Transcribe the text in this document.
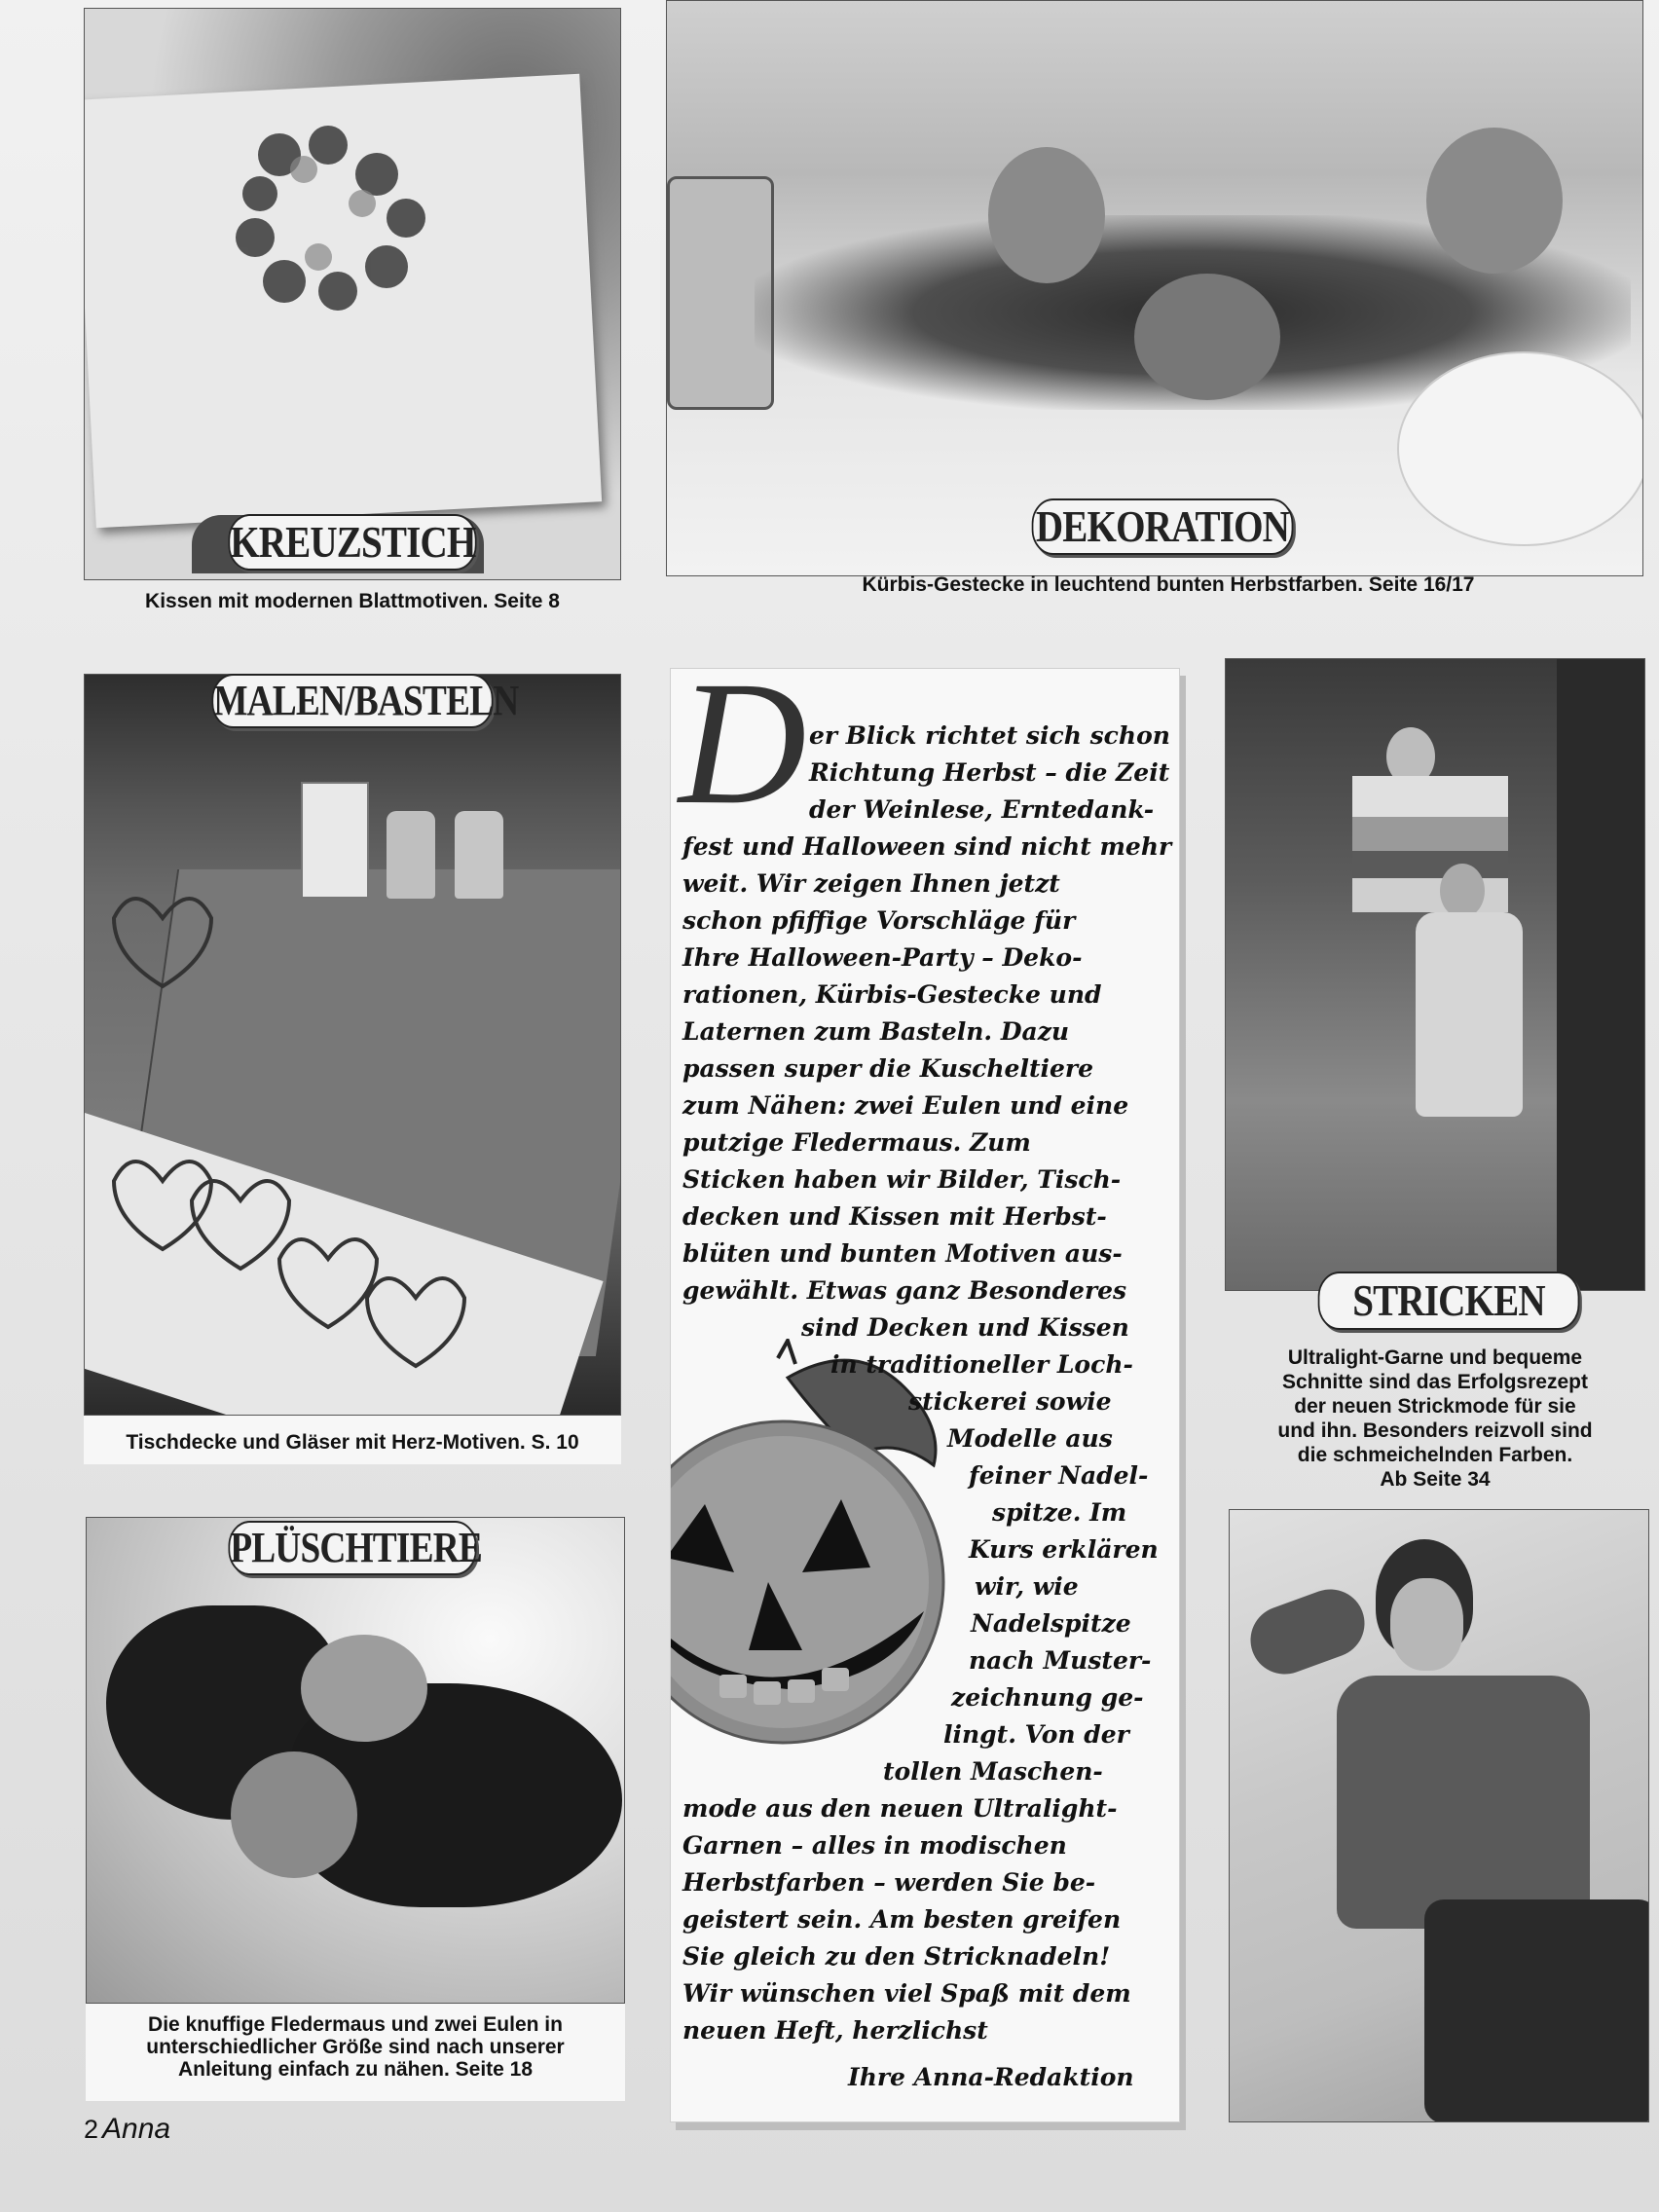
KREUZSTICH
Kissen mit modernen Blattmotiven. Seite 8
DEKORATION
Kürbis-Gestecke in leuchtend bunten Herbstfarben. Seite 16/17
MALEN/BASTELN
Tischdecke und Gläser mit Herz-Motiven. S. 10
PLÜSCHTIERE
Die knuffige Fledermaus und zwei Eulen in
unterschiedlicher Größe sind nach unserer
Anleitung einfach zu nähen. Seite 18
STRICKEN
Ultralight-Garne und bequeme
Schnitte sind das Erfolgsrezept
der neuen Strickmode für sie
und ihn. Besonders reizvoll sind
die schmeichelnden Farben.
Ab Seite 34
D er Blick richtet sich schon
Richtung Herbst – die Zeit
der Weinlese, Erntedank-
fest und Halloween sind nicht mehr
weit. Wir zeigen Ihnen jetzt
schon pfiffige Vorschläge für
Ihre Halloween-Party – Deko-
rationen, Kürbis-Gestecke und
Laternen zum Basteln. Dazu
passen super die Kuscheltiere
zum Nähen: zwei Eulen und eine
putzige Fledermaus. Zum
Sticken haben wir Bilder, Tisch-
decken und Kissen mit Herbst-
blüten und bunten Motiven aus-
gewählt. Etwas ganz Besonderes
sind Decken und Kissen
in traditioneller Loch-
stickerei sowie
Modelle aus
feiner Nadel-
spitze. Im
Kurs erklären
wir, wie
Nadelspitze
nach Muster-
zeichnung ge-
lingt. Von der
tollen Maschen-
mode aus den neuen Ultralight-
Garnen – alles in modischen
Herbstfarben – werden Sie be-
geistert sein. Am besten greifen
Sie gleich zu den Stricknadeln!
Wir wünschen viel Spaß mit dem
neuen Heft, herzlichst
Ihre Anna-Redaktion
2 Anna
